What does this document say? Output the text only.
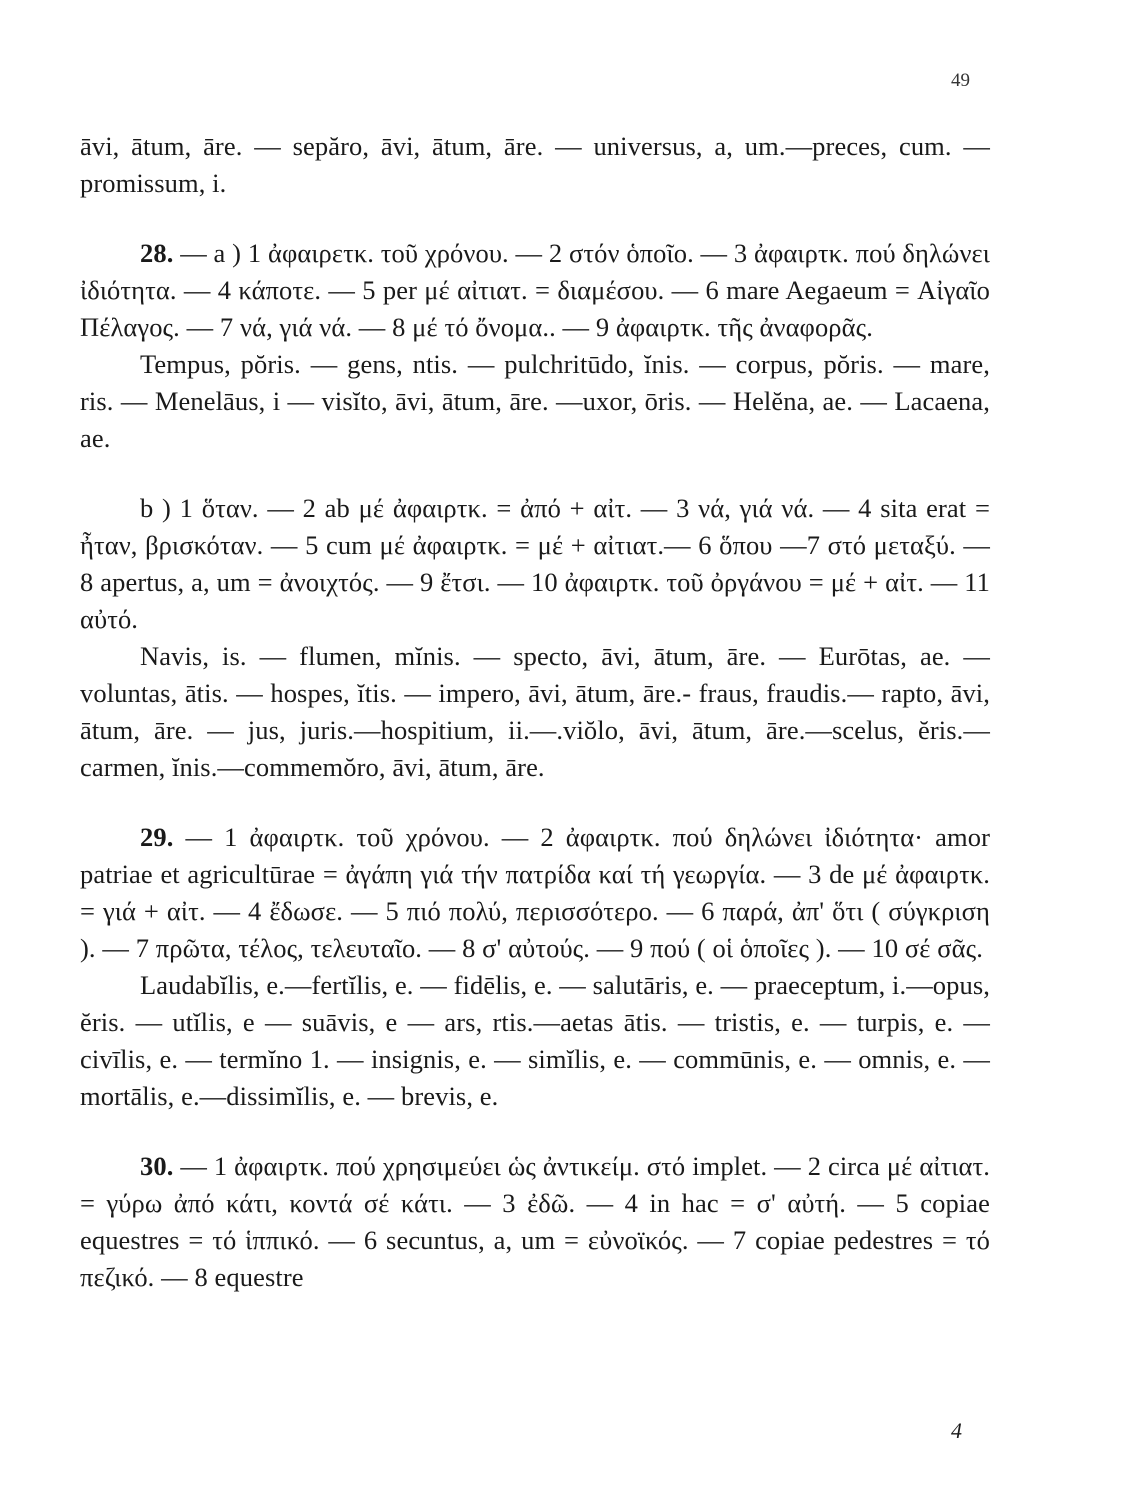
49

āvi, ātum, āre. — sepăro, āvi, ātum, āre. — universus, a, um.—preces, cum. — promissum, i.

28. — a ) 1 ἀφαιρετκ. τοῦ χρόνου. — 2 στόν ὁποῖο. — 3 ἀφαιρτκ. πού δηλώνει ἰδιότητα. — 4 κάποτε. — 5 per μέ αἰτιατ. = διαμέσου. — 6 mare Aegaeum = Αἰγαῖο Πέλαγος. — 7 νά, γιά νά. — 8 μέ τό ὄνομα.. — 9 ἀφαιρτκ. τῆς ἀναφορᾶς.

Tempus, pŏris. — gens, ntis. — pulchritūdo, ĭnis. — corpus, pŏris. — mare, ris. — Menelāus, i — visĭto, āvi, ātum, āre. —uxor, ōris. — Helĕna, ae. — Lacaena, ae.

b ) 1 ὅταν. — 2 ab μέ ἀφαιρτκ. = ἀπό + αἰτ. — 3 νά, γιά νά. — 4 sita erat = ἦταν, βρισκόταν. — 5 cum μέ ἀφαιρτκ. = μέ + αἰτιατ.— 6 ὅπου —7 στό μεταξύ. — 8 apertus, a, um = ἀνοιχτός. — 9 ἔτσι. — 10 ἀφαιρτκ. τοῦ ὀργάνου = μέ + αἰτ. — 11 αὐτό.

Navis, is. — flumen, mĭnis. — specto, āvi, ātum, āre. — Eurōtas, ae. — voluntas, ātis. — hospes, ĭtis. — impero, āvi, ātum, āre.- fraus, fraudis.— rapto, āvi, ātum, āre. — jus, juris.—hospitium, ii.—.viŏlo, āvi, ātum, āre.—scelus, ĕris.—carmen, ĭnis.—commemŏro, āvi, ātum, āre.

29. — 1 ἀφαιρτκ. τοῦ χρόνου. — 2 ἀφαιρτκ. πού δηλώνει ἰδιότητα· amor patriae et agricultūrae = ἀγάπη γιά τήν πατρίδα καί τή γεωργία. — 3 de μέ ἀφαιρτκ. = γιά + αἰτ. — 4 ἔδωσε. — 5 πιό πολύ, περισσότερο. — 6 παρά, ἀπ' ὅτι ( σύγκριση ). — 7 πρῶτα, τέλος, τελευταῖο. — 8 σ' αὐτούς. — 9 πού ( οἱ ὁποῖες ). — 10 σέ σᾶς.

Laudabĭlis, e.—fertĭlis, e. — fidēlis, e. — salutāris, e. — praeceptum, i.—opus, ĕris. — utĭlis, e — suāvis, e — ars, rtis.—aetas ātis. — tristis, e. — turpis, e. — civīlis, e. — termĭno 1. — insignis, e. — simĭlis, e. — commūnis, e. — omnis, e. — mortālis, e.—dissimĭlis, e. — brevis, e.

30. — 1 ἀφαιρτκ. πού χρησιμεύει ὡς ἀντικείμ. στό implet. — 2 circa μέ αἰτιατ. = γύρω ἀπό κάτι, κοντά σέ κάτι. — 3 ἐδῶ. — 4 in hac = σ' αὐτή. — 5 copiae equestres = τό ἱππικό. — 6 secuntus, a, um = εὐνοϊκός. — 7 copiae pedestres = τό πεζικό. — 8 equestre

4
